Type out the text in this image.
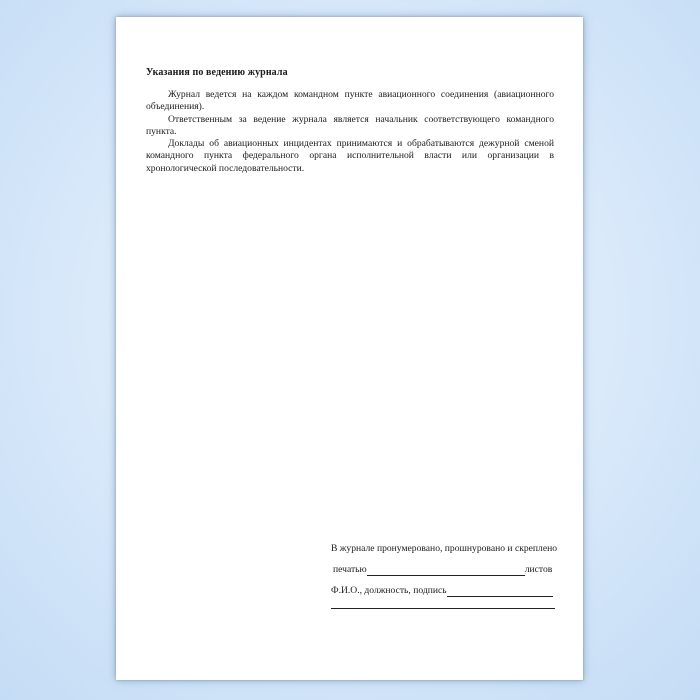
Указания по ведению журнала

Журнал ведется на каждом командном пункте авиационного соединения (авиационного объединения).

Ответственным за ведение журнала является начальник соответствующего командного пункта.

Доклады об авиационных инцидентах принимаются и обрабатываются дежурной сменой командного пункта федерального органа исполнительной власти или организации в хронологической последовательности.

В журнале пронумеровано, прошнуровано и скреплено
печатью	листов
Ф.И.О., должность, подпись
